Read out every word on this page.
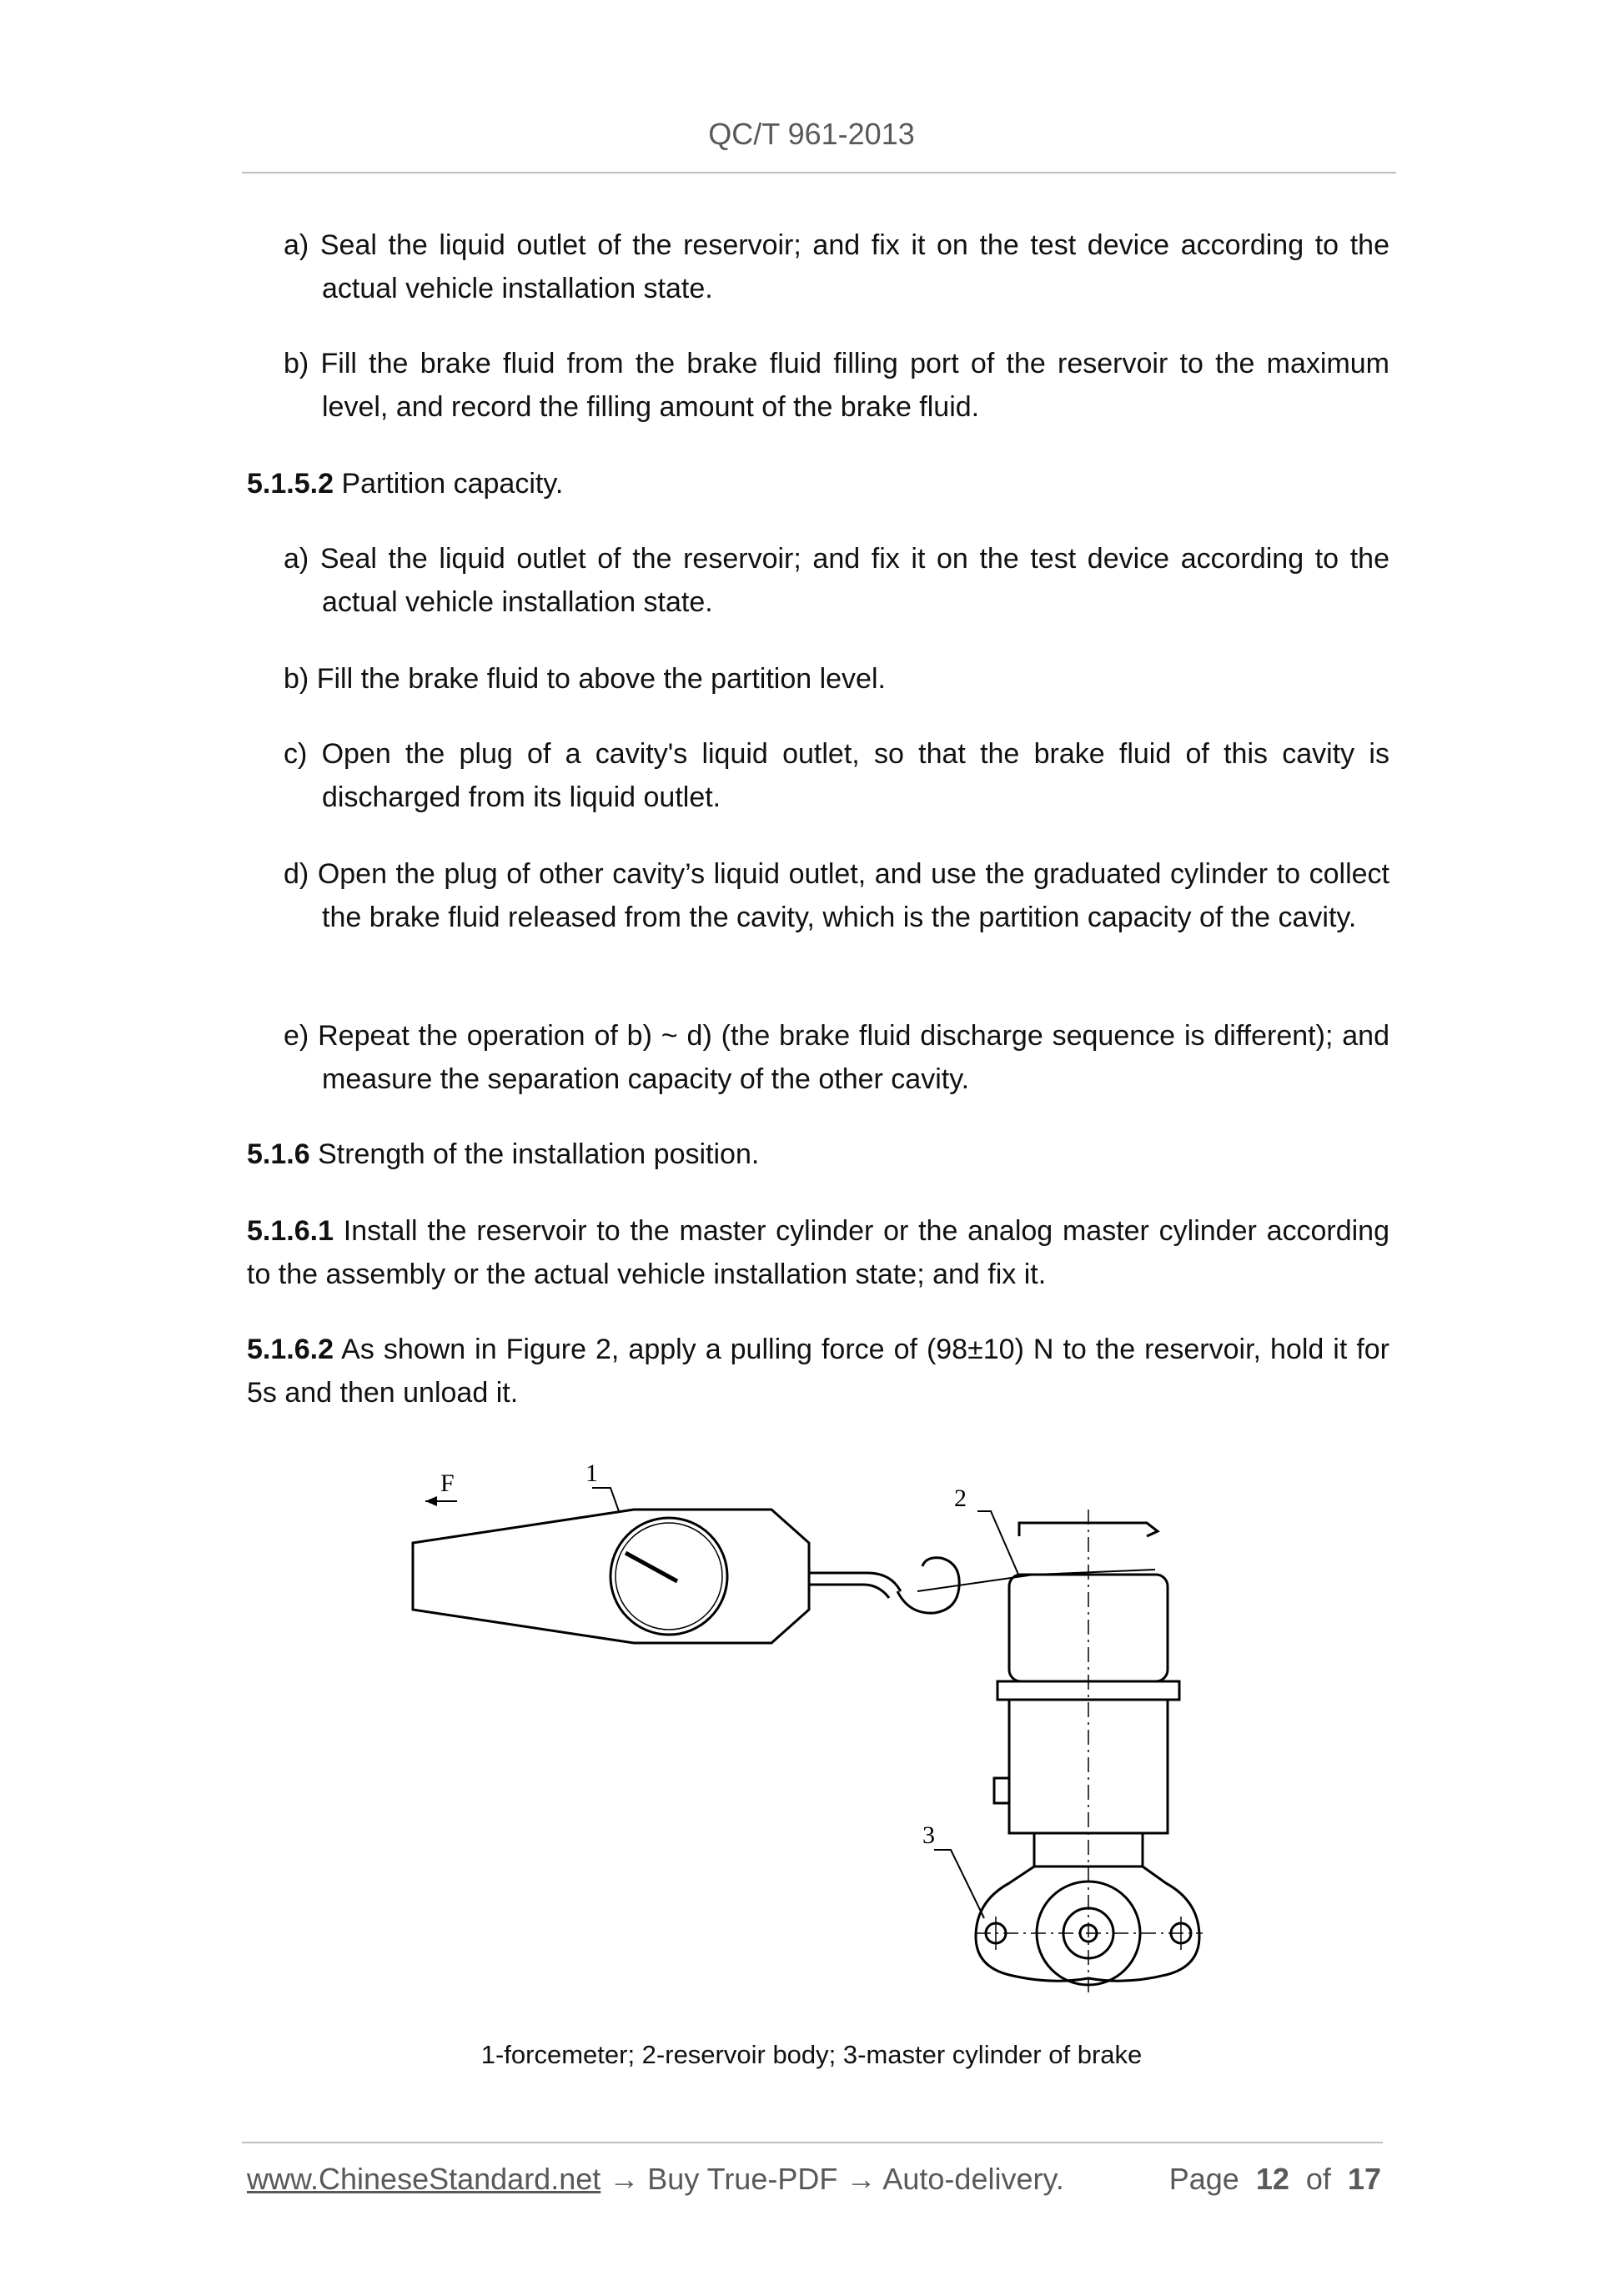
QC/T 961-2013
a) Seal the liquid outlet of the reservoir; and fix it on the test device according to the actual vehicle installation state.
b) Fill the brake fluid from the brake fluid filling port of the reservoir to the maximum level, and record the filling amount of the brake fluid.
5.1.5.2 Partition capacity.
a) Seal the liquid outlet of the reservoir; and fix it on the test device according to the actual vehicle installation state.
b) Fill the brake fluid to above the partition level.
c) Open the plug of a cavity's liquid outlet, so that the brake fluid of this cavity is discharged from its liquid outlet.
d) Open the plug of other cavity’s liquid outlet, and use the graduated cylinder to collect the brake fluid released from the cavity, which is the partition capacity of the cavity.
e) Repeat the operation of b) ~ d) (the brake fluid discharge sequence is different); and measure the separation capacity of the other cavity.
5.1.6 Strength of the installation position.
5.1.6.1 Install the reservoir to the master cylinder or the analog master cylinder according to the assembly or the actual vehicle installation state; and fix it.
5.1.6.2 As shown in Figure 2, apply a pulling force of (98±10) N to the reservoir, hold it for 5s and then unload it.
F	1
2
3
1-forcemeter; 2-reservoir body; 3-master cylinder of brake
www.ChineseStandard.net → Buy True-PDF → Auto-delivery.	Page 12 of 17
